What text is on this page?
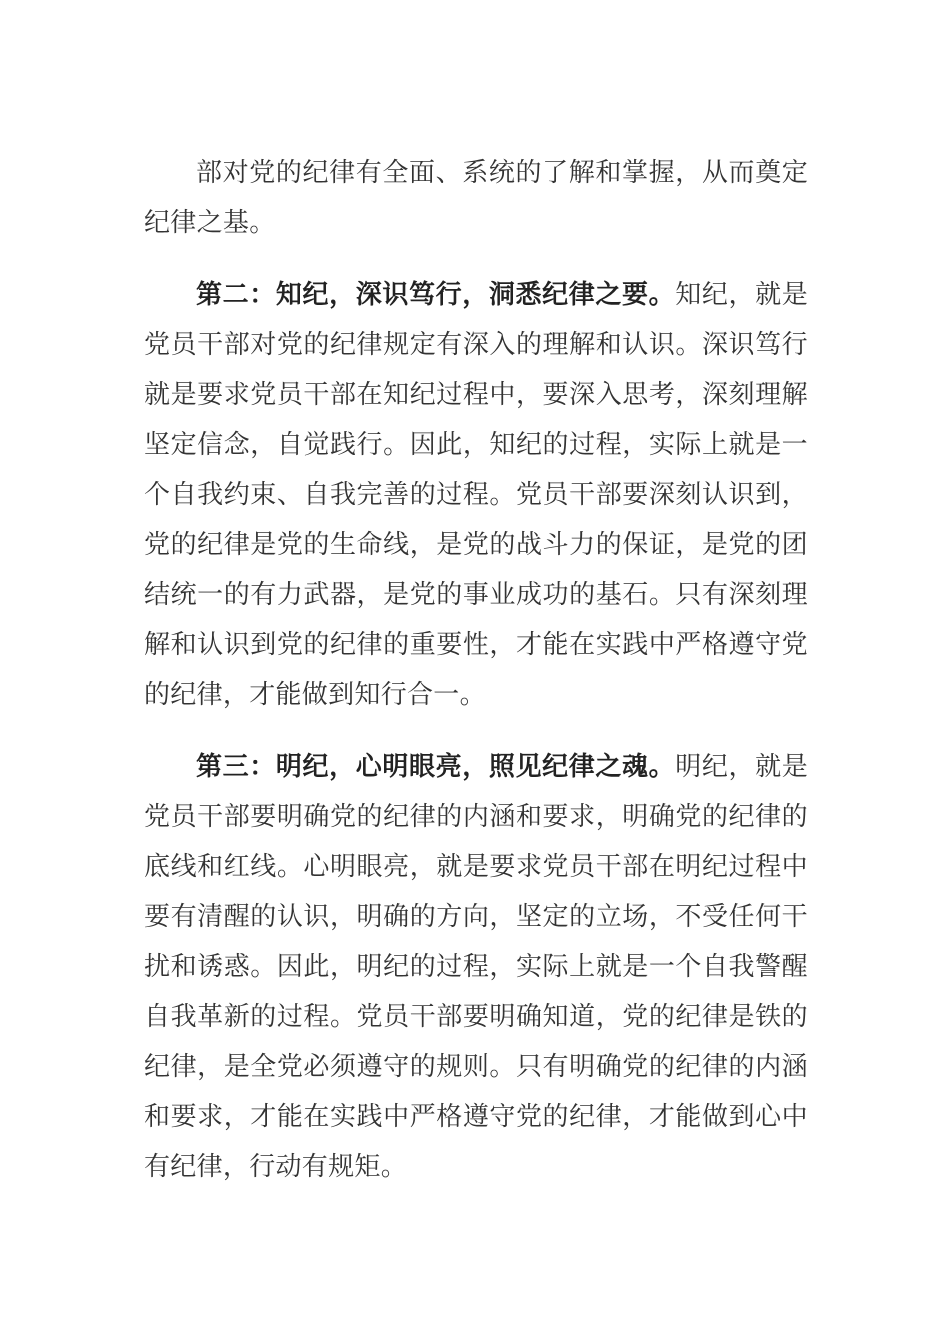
部对党的纪律有全面、系统的了解和掌握，从而奠定纪律之基。

第二：知纪，深识笃行，洞悉纪律之要。知纪，就是党员干部对党的纪律规定有深入的理解和认识。深识笃行就是要求党员干部在知纪过程中，要深入思考，深刻理解坚定信念，自觉践行。因此，知纪的过程，实际上就是一个自我约束、自我完善的过程。党员干部要深刻认识到，党的纪律是党的生命线，是党的战斗力的保证，是党的团结统一的有力武器，是党的事业成功的基石。只有深刻理解和认识到党的纪律的重要性，才能在实践中严格遵守党的纪律，才能做到知行合一。

第三：明纪，心明眼亮，照见纪律之魂。明纪，就是党员干部要明确党的纪律的内涵和要求，明确党的纪律的底线和红线。心明眼亮，就是要求党员干部在明纪过程中要有清醒的认识，明确的方向，坚定的立场，不受任何干扰和诱惑。因此，明纪的过程，实际上就是一个自我警醒自我革新的过程。党员干部要明确知道，党的纪律是铁的纪律，是全党必须遵守的规则。只有明确党的纪律的内涵和要求，才能在实践中严格遵守党的纪律，才能做到心中有纪律，行动有规矩。
